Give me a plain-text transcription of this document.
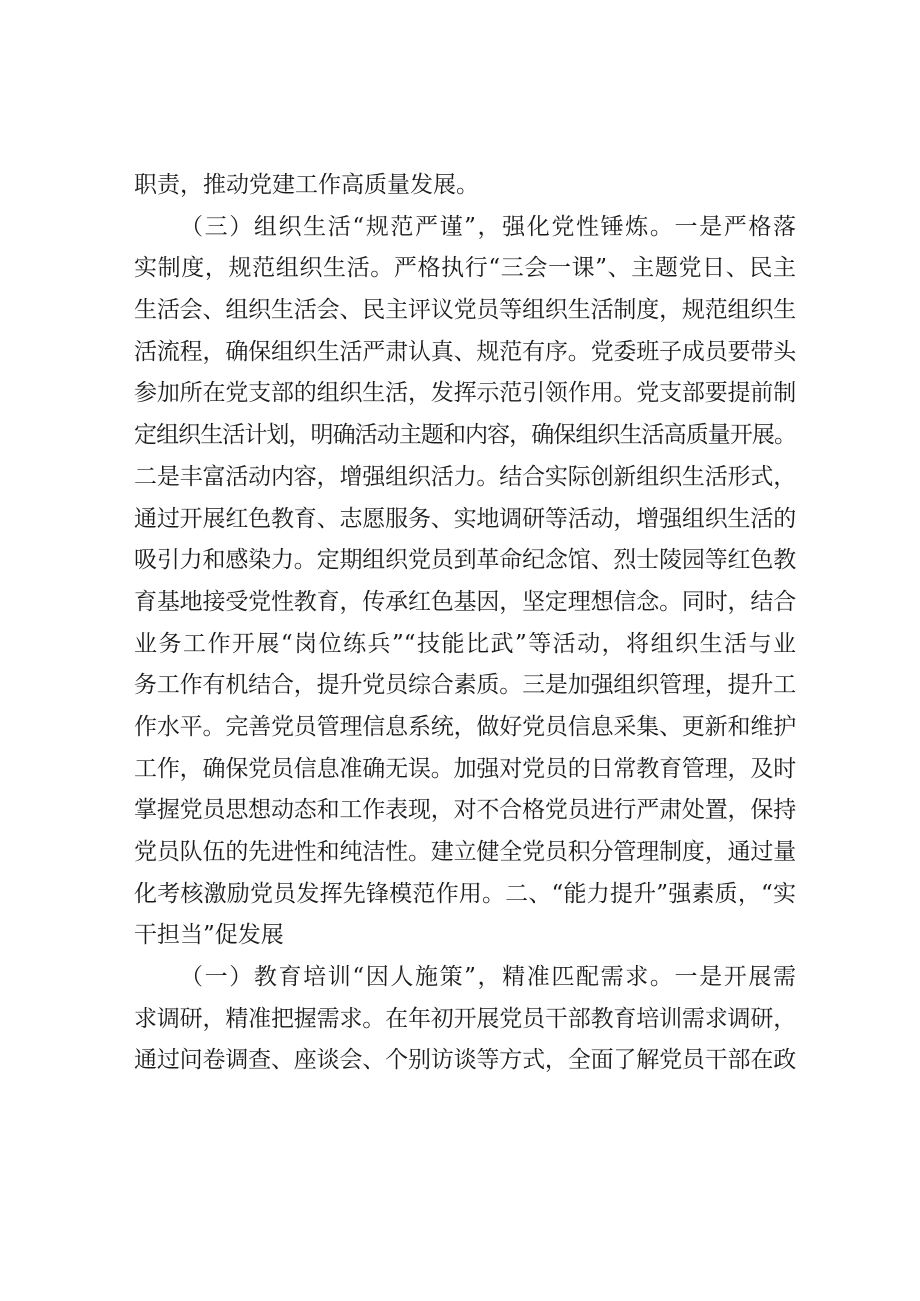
职责，推动党建工作高质量发展。
（三）组织生活“规范严谨”，强化党性锤炼。一是严格落
实制度，规范组织生活。严格执行“三会一课”、主题党日、民主
生活会、组织生活会、民主评议党员等组织生活制度，规范组织生
活流程，确保组织生活严肃认真、规范有序。党委班子成员要带头
参加所在党支部的组织生活，发挥示范引领作用。党支部要提前制
定组织生活计划，明确活动主题和内容，确保组织生活高质量开展。
二是丰富活动内容，增强组织活力。结合实际创新组织生活形式，
通过开展红色教育、志愿服务、实地调研等活动，增强组织生活的
吸引力和感染力。定期组织党员到革命纪念馆、烈士陵园等红色教
育基地接受党性教育，传承红色基因，坚定理想信念。同时，结合
业务工作开展“岗位练兵”“技能比武”等活动，将组织生活与业
务工作有机结合，提升党员综合素质。三是加强组织管理，提升工
作水平。完善党员管理信息系统，做好党员信息采集、更新和维护
工作，确保党员信息准确无误。加强对党员的日常教育管理，及时
掌握党员思想动态和工作表现，对不合格党员进行严肃处置，保持
党员队伍的先进性和纯洁性。建立健全党员积分管理制度，通过量
化考核激励党员发挥先锋模范作用。二、“能力提升”强素质，“实
干担当”促发展
（一）教育培训“因人施策”，精准匹配需求。一是开展需
求调研，精准把握需求。在年初开展党员干部教育培训需求调研，
通过问卷调查、座谈会、个别访谈等方式，全面了解党员干部在政
